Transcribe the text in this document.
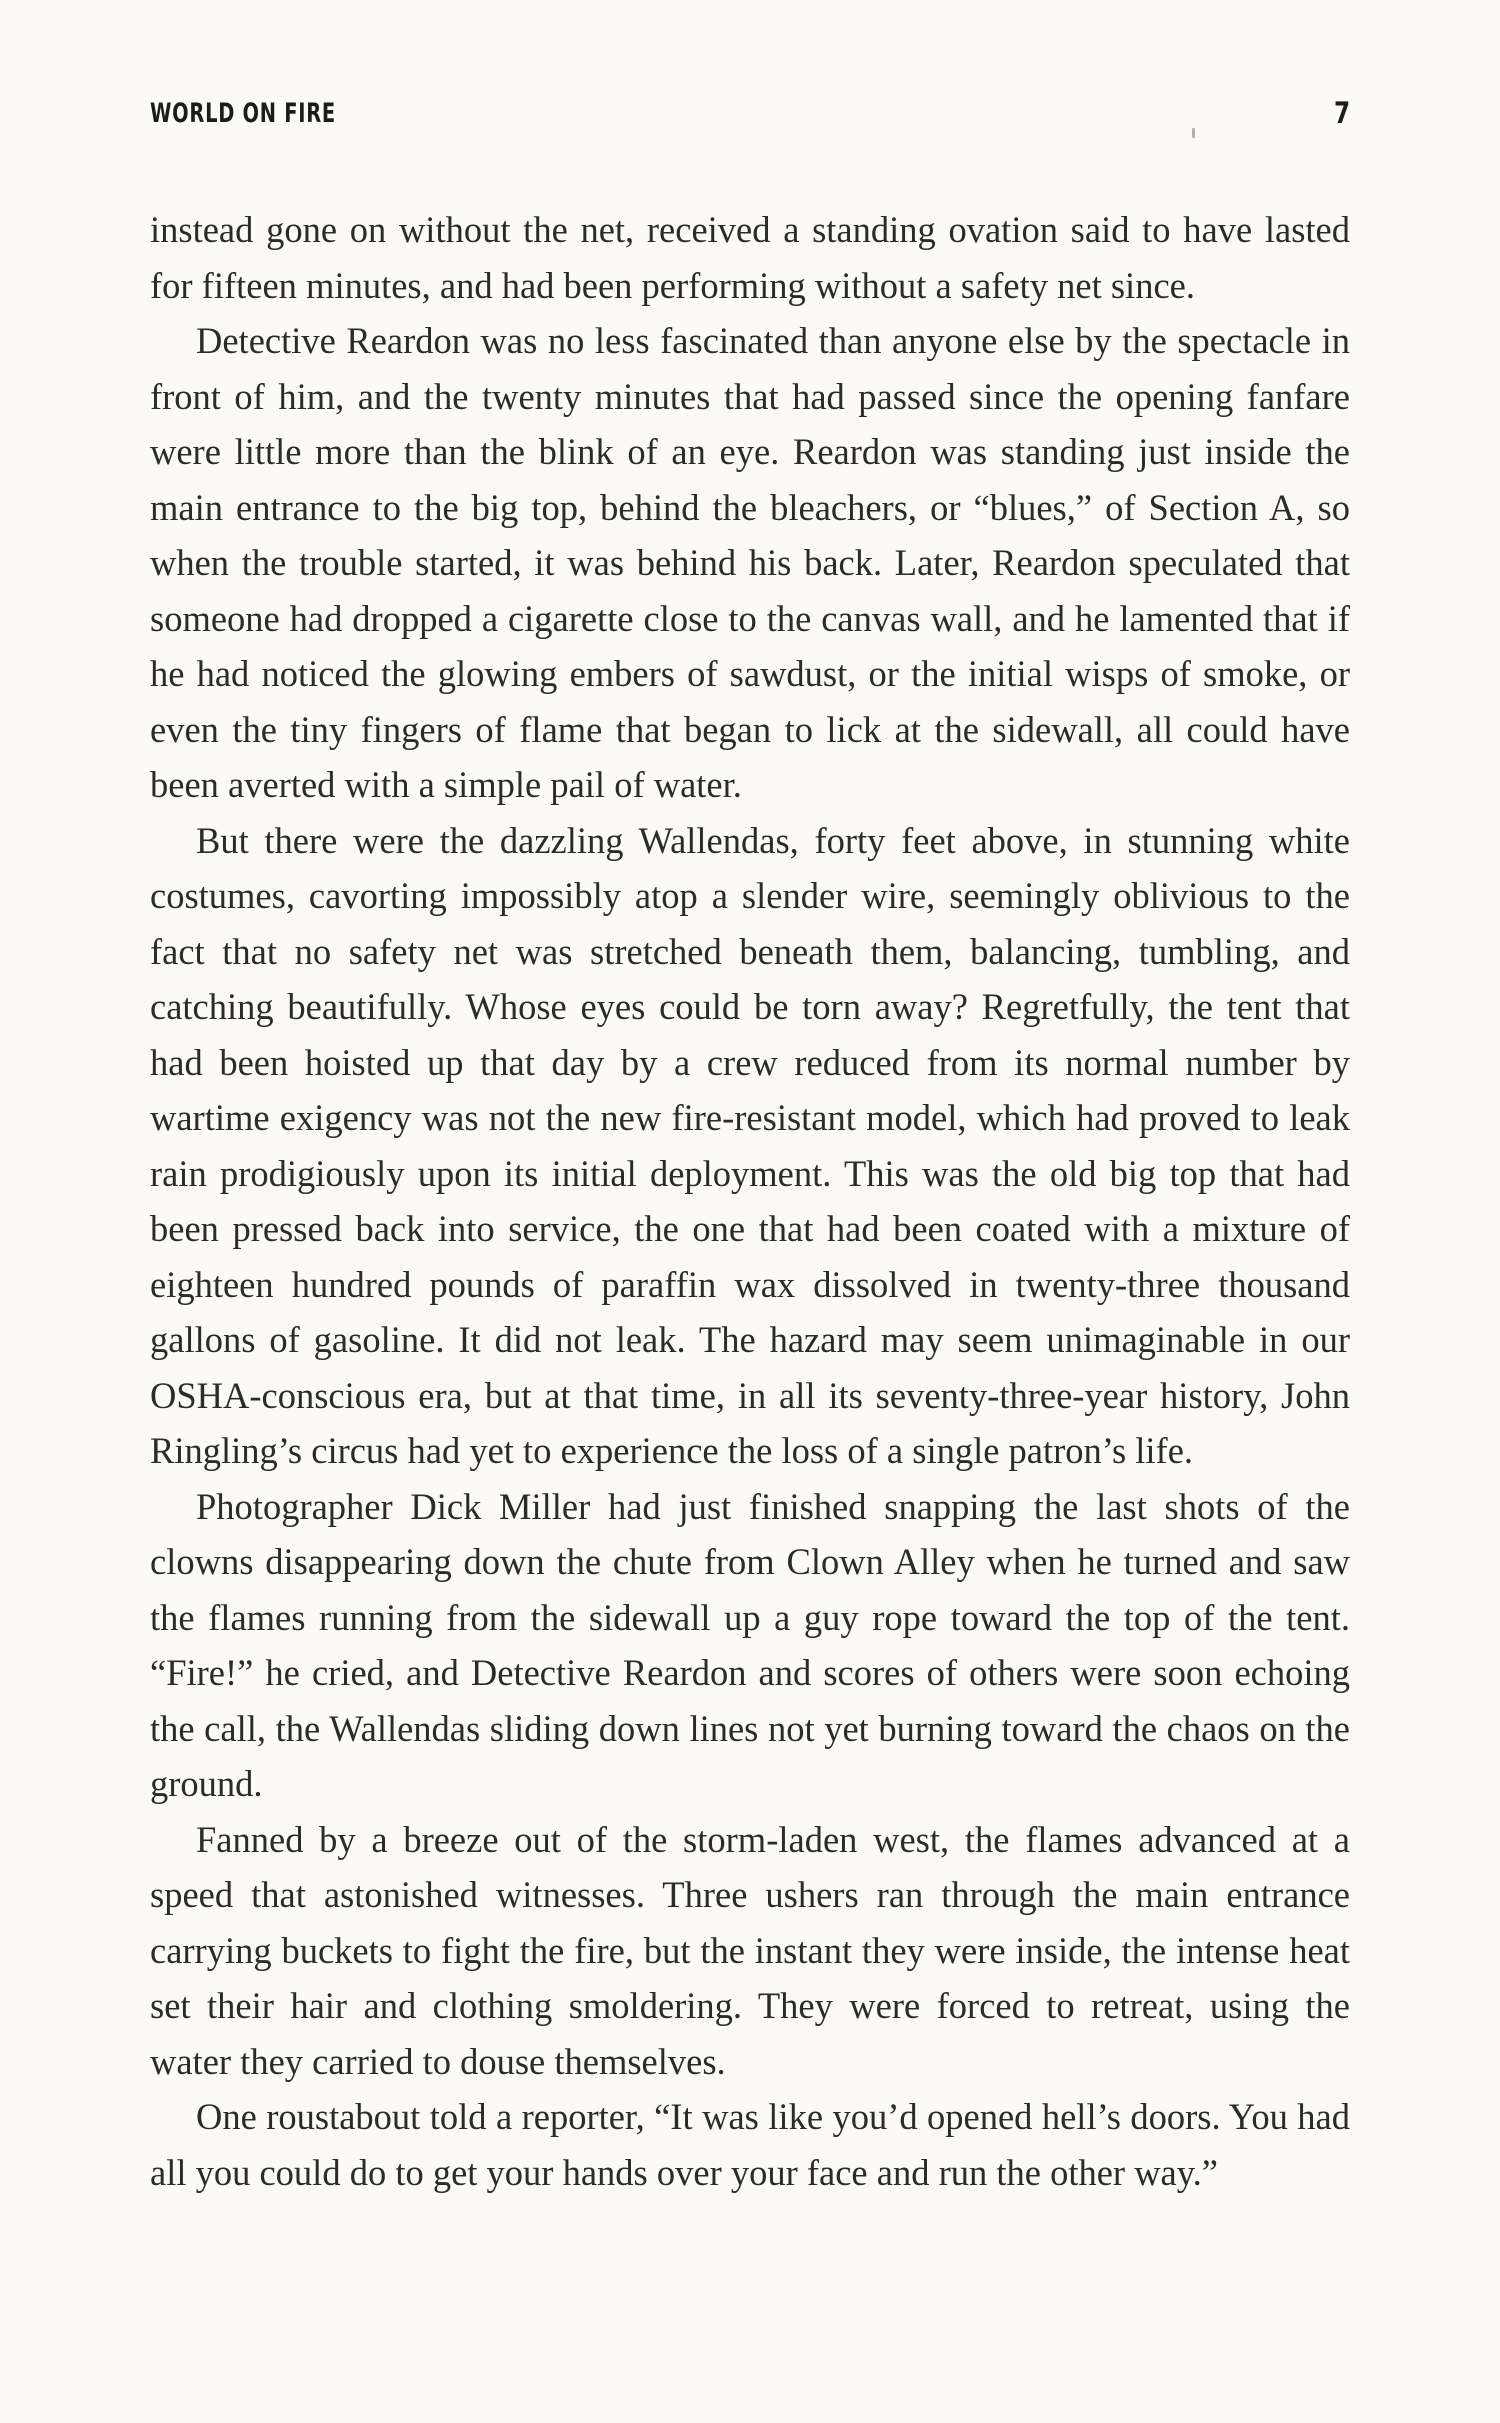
WORLD ON FIRE	7

instead gone on without the net, received a standing ovation said to have lasted for fifteen minutes, and had been performing without a safety net since.

Detective Reardon was no less fascinated than anyone else by the spectacle in front of him, and the twenty minutes that had passed since the opening fanfare were little more than the blink of an eye. Reardon was standing just inside the main entrance to the big top, behind the bleachers, or “blues,” of Section A, so when the trouble started, it was behind his back. Later, Reardon speculated that someone had dropped a cigarette close to the canvas wall, and he lamented that if he had noticed the glowing embers of sawdust, or the initial wisps of smoke, or even the tiny fingers of flame that began to lick at the sidewall, all could have been averted with a simple pail of water.

But there were the dazzling Wallendas, forty feet above, in stunning white costumes, cavorting impossibly atop a slender wire, seemingly oblivious to the fact that no safety net was stretched beneath them, balancing, tumbling, and catching beautifully. Whose eyes could be torn away? Regretfully, the tent that had been hoisted up that day by a crew reduced from its normal number by wartime exigency was not the new fire-resistant model, which had proved to leak rain prodigiously upon its initial deployment. This was the old big top that had been pressed back into service, the one that had been coated with a mixture of eighteen hundred pounds of paraffin wax dissolved in twenty-three thousand gallons of gasoline. It did not leak. The hazard may seem unimaginable in our OSHA-conscious era, but at that time, in all its seventy-three-year history, John Ringling’s circus had yet to experience the loss of a single patron’s life.

Photographer Dick Miller had just finished snapping the last shots of the clowns disappearing down the chute from Clown Alley when he turned and saw the flames running from the sidewall up a guy rope toward the top of the tent. “Fire!” he cried, and Detective Reardon and scores of others were soon echoing the call, the Wallendas sliding down lines not yet burning toward the chaos on the ground.

Fanned by a breeze out of the storm-laden west, the flames advanced at a speed that astonished witnesses. Three ushers ran through the main entrance carrying buckets to fight the fire, but the instant they were inside, the intense heat set their hair and clothing smoldering. They were forced to retreat, using the water they carried to douse themselves.

One roustabout told a reporter, “It was like you’d opened hell’s doors. You had all you could do to get your hands over your face and run the other way.”
